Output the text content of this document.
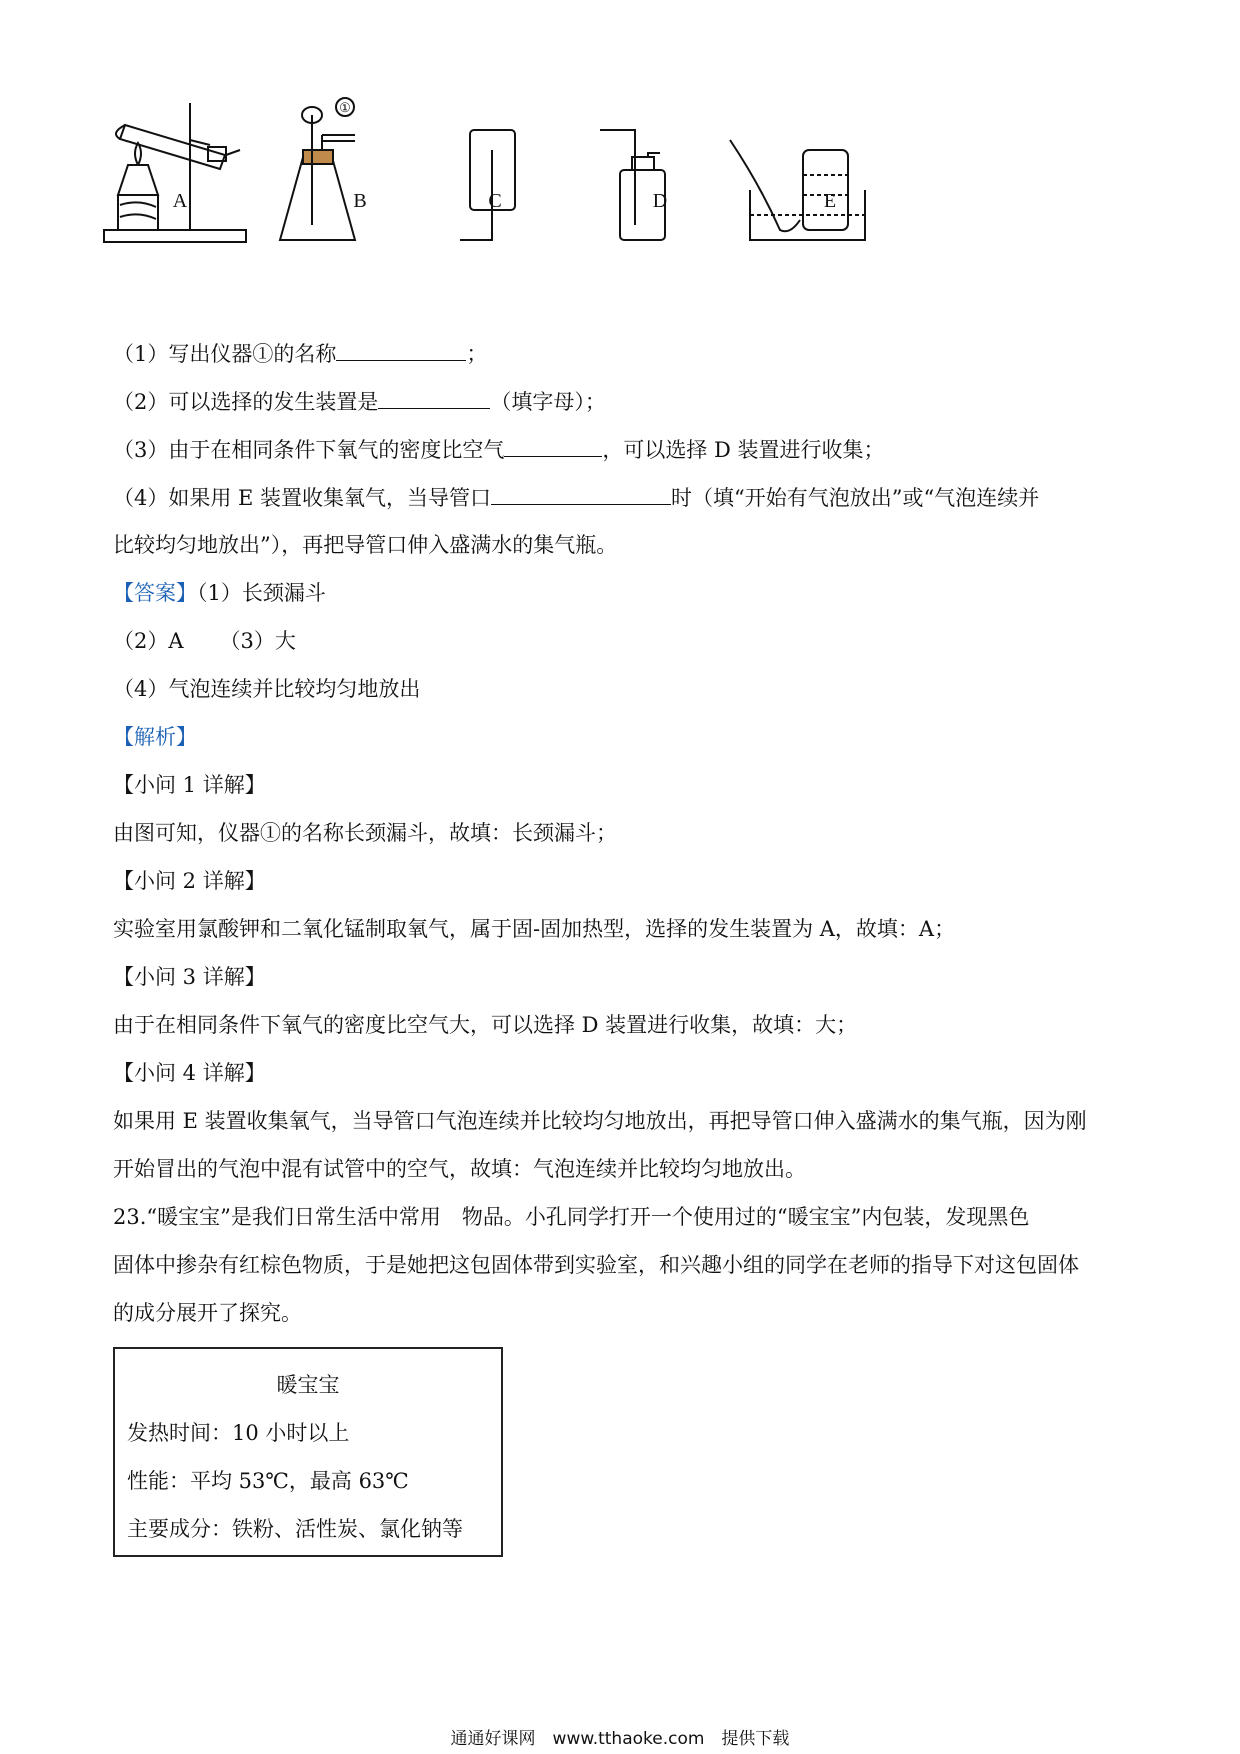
①
A	B	C	D	E
（1）写出仪器①的名称	；
（2）可以选择的发生装置是	（填字母）；
（3）由于在相同条件下氧气的密度比空气	，可以选择 D 装置进行收集；
（4）如果用 E 装置收集氧气，当导管口	时（填“开始有气泡放出”或“气泡连续并
比较均匀地放出”），再把导管口伸入盛满水的集气瓶。
【答案】（1）长颈漏斗
（2）A （3）大
（4）气泡连续并比较均匀地放出
【解析】
【小问 1 详解】
由图可知，仪器①的名称长颈漏斗，故填：长颈漏斗；
【小问 2 详解】
实验室用氯酸钾和二氧化锰制取氧气，属于固-固加热型，选择的发生装置为 A，故填：A；
【小问 3 详解】
由于在相同条件下氧气的密度比空气大，可以选择 D 装置进行收集，故填：大；
【小问 4 详解】
如果用 E 装置收集氧气，当导管口气泡连续并比较均匀地放出，再把导管口伸入盛满水的集气瓶，因为刚
开始冒出的气泡中混有试管中的空气，故填：气泡连续并比较均匀地放出。
23.“暖宝宝”是我们日常生活中常用　物品。小孔同学打开一个使用过的“暖宝宝”内包装，发现黑色
固体中掺杂有红棕色物质，于是她把这包固体带到实验室，和兴趣小组的同学在老师的指导下对这包固体
的成分展开了探究。
暖宝宝
发热时间：10 小时以上
性能：平均 53℃，最高 63℃
主要成分：铁粉、活性炭、氯化钠等
通通好课网　www.tthaoke.com　提供下载
